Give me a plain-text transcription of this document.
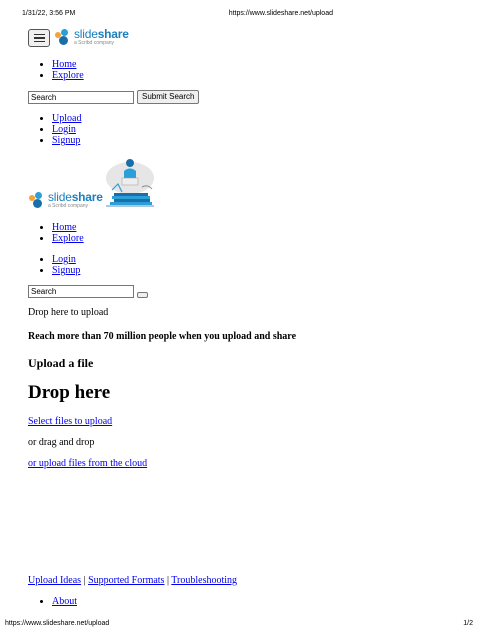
1/31/22, 3:56 PM	https://www.slideshare.net/upload
slideshare
a Scribd company
• Home
• Explore
Search
Submit Search
• Upload
• Login
• Signup
slideshare
a Scribd company
• Home
• Explore
• Login
• Signup
Search
Drop here to upload
Reach more than 70 million people when you upload and share
Upload a file
Drop here
Select files to upload
or drag and drop
or upload files from the cloud
Upload Ideas | Supported Formats | Troubleshooting
• About
https://www.slideshare.net/upload	1/2
